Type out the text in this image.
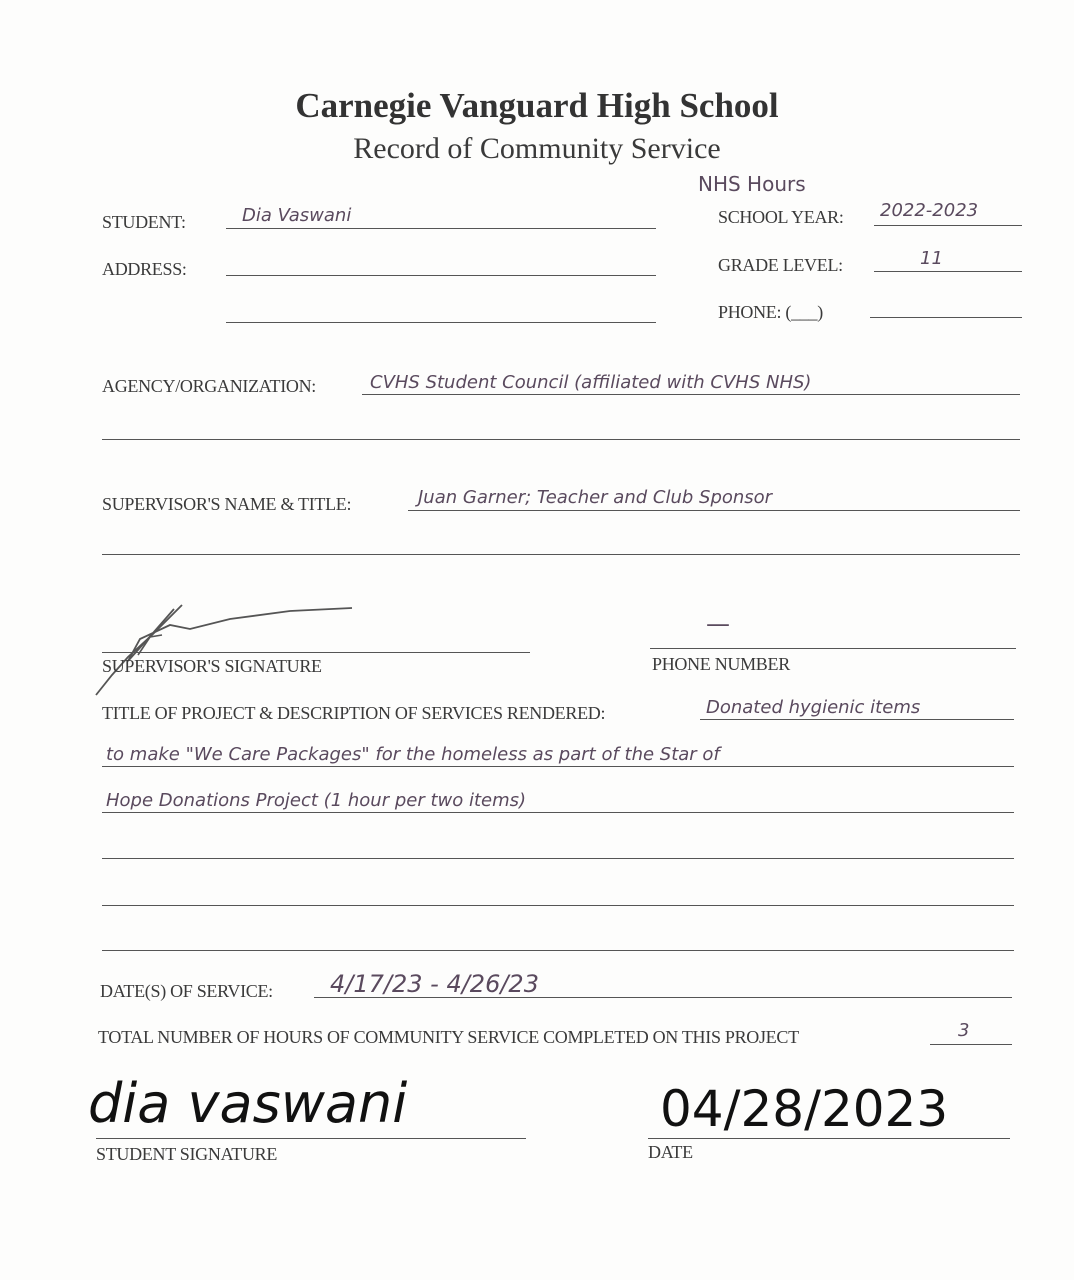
Carnegie Vanguard High School
Record of Community Service
NHS Hours
STUDENT:	Dia Vaswani	SCHOOL YEAR: 2022-2023
ADDRESS:	GRADE LEVEL:	11
PHONE: (___)
AGENCY/ORGANIZATION:	CVHS Student Council (affiliated with CVHS NHS)
SUPERVISOR'S NAME & TITLE:	Juan Garner; Teacher and Club Sponsor
SUPERVISOR'S SIGNATURE
—
PHONE NUMBER
TITLE OF PROJECT & DESCRIPTION OF SERVICES RENDERED:	Donated hygienic items
to make "We Care Packages" for the homeless as part of the Star of
Hope Donations Project (1 hour per two items)
DATE(S) OF SERVICE: 4/17/23 - 4/26/23
TOTAL NUMBER OF HOURS OF COMMUNITY SERVICE COMPLETED ON THIS PROJECT	3
dia vaswani
STUDENT SIGNATURE
04/28/2023
DATE
